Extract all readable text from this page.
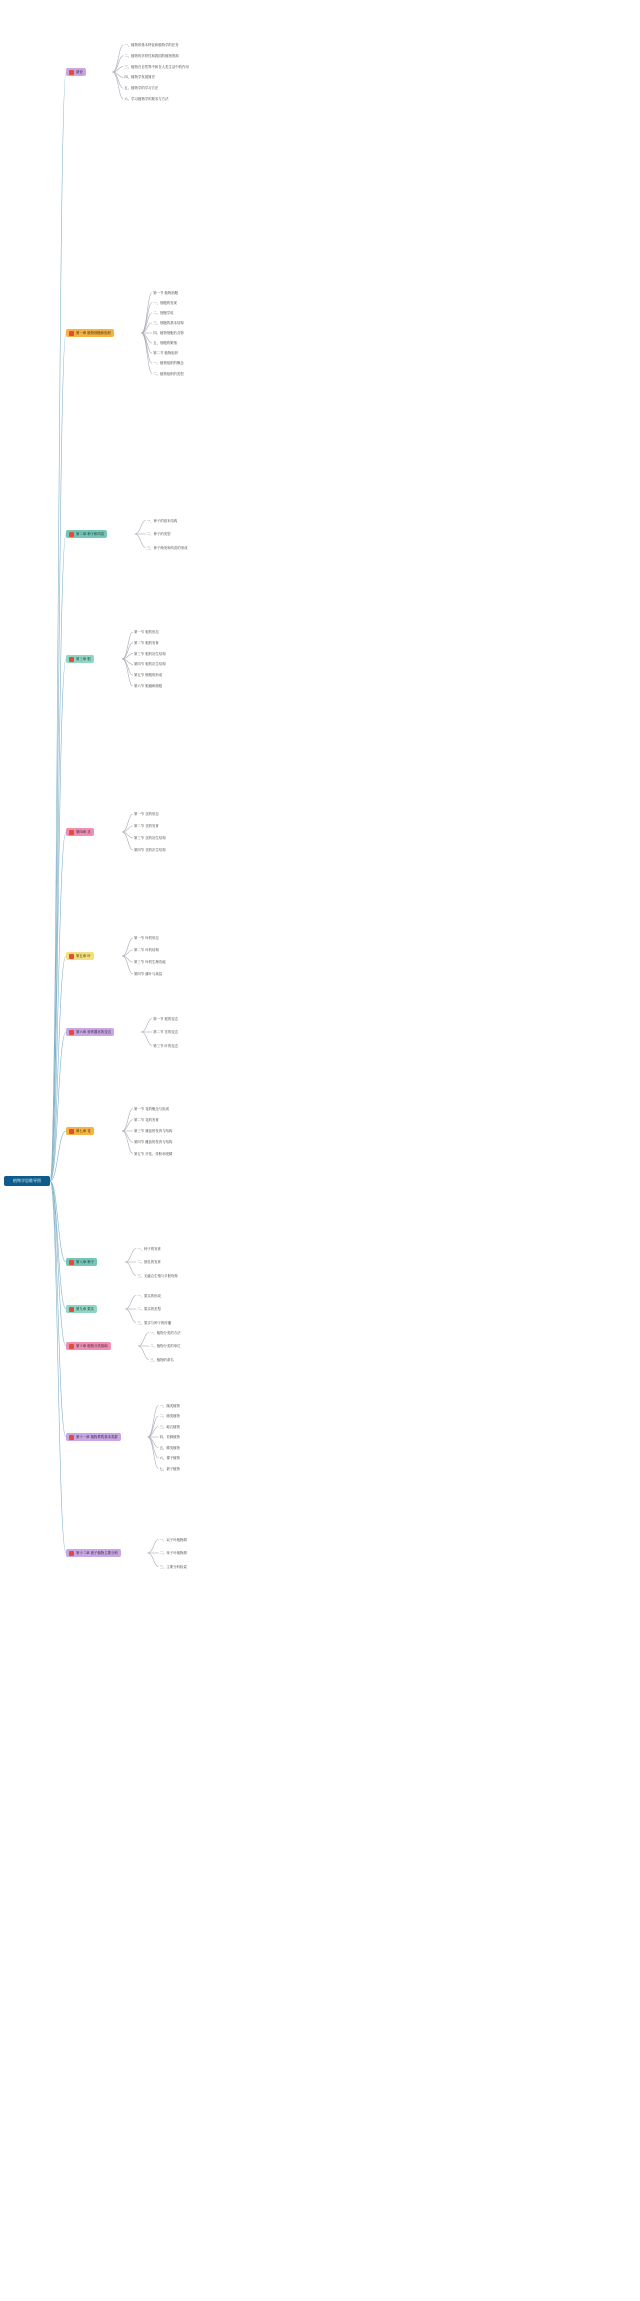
植物学思维导图
绪论
第一章 植物细胞和组织
第二章 种子和幼苗
第三章 根
第四章 茎
第五章 叶
第六章 营养器官的变态
第七章 花
第八章 种子
第九章 果实
第十章 植物分类基础
第十一章 植物界的基本类群
第十二章 被子植物主要分科
一、植物的基本特征和植物学的任务
二、植物的多样性和我国的植物资源
三、植物在自然界中和在人类生活中的作用
四、植物学发展简史
五、植物学的学习方法
六、学习植物学的要求与方法
第一节 植物细胞
一、细胞的发现
二、细胞学说
三、细胞的基本结构
四、植物细胞后含物
五、细胞的繁殖
第二节 植物组织
一、植物组织的概念
二、植物组织的类型
一、种子的基本结构
二、种子的类型
三、种子萌发和幼苗的形成
第一节 根的形态
第二节 根的发育
第三节 根的初生结构
第四节 根的次生结构
第五节 侧根的形成
第六节 根瘤和菌根
第一节 茎的形态
第二节 茎的发育
第三节 茎的初生结构
第四节 茎的次生结构
第一节 叶的形态
第二节 叶的结构
第三节 叶的生理功能
第四节 落叶与离层
第一节 根的变态
第二节 茎的变态
第三节 叶的变态
第一节 花的概念与组成
第二节 花的发育
第三节 雄蕊的发育与结构
第四节 雌蕊的发育与结构
第五节 开花、传粉和受精
一、种子的发育
二、胚乳的发育
三、无融合生殖与多胚现象
一、果实的形成
二、果实的类型
三、果实与种子的传播
一、植物分类的方法
二、植物分类的单位
三、植物的命名
一、藻类植物
二、菌类植物
三、地衣植物
四、苔藓植物
五、蕨类植物
六、裸子植物
七、被子植物
一、双子叶植物纲
二、单子叶植物纲
三、主要分科检索
